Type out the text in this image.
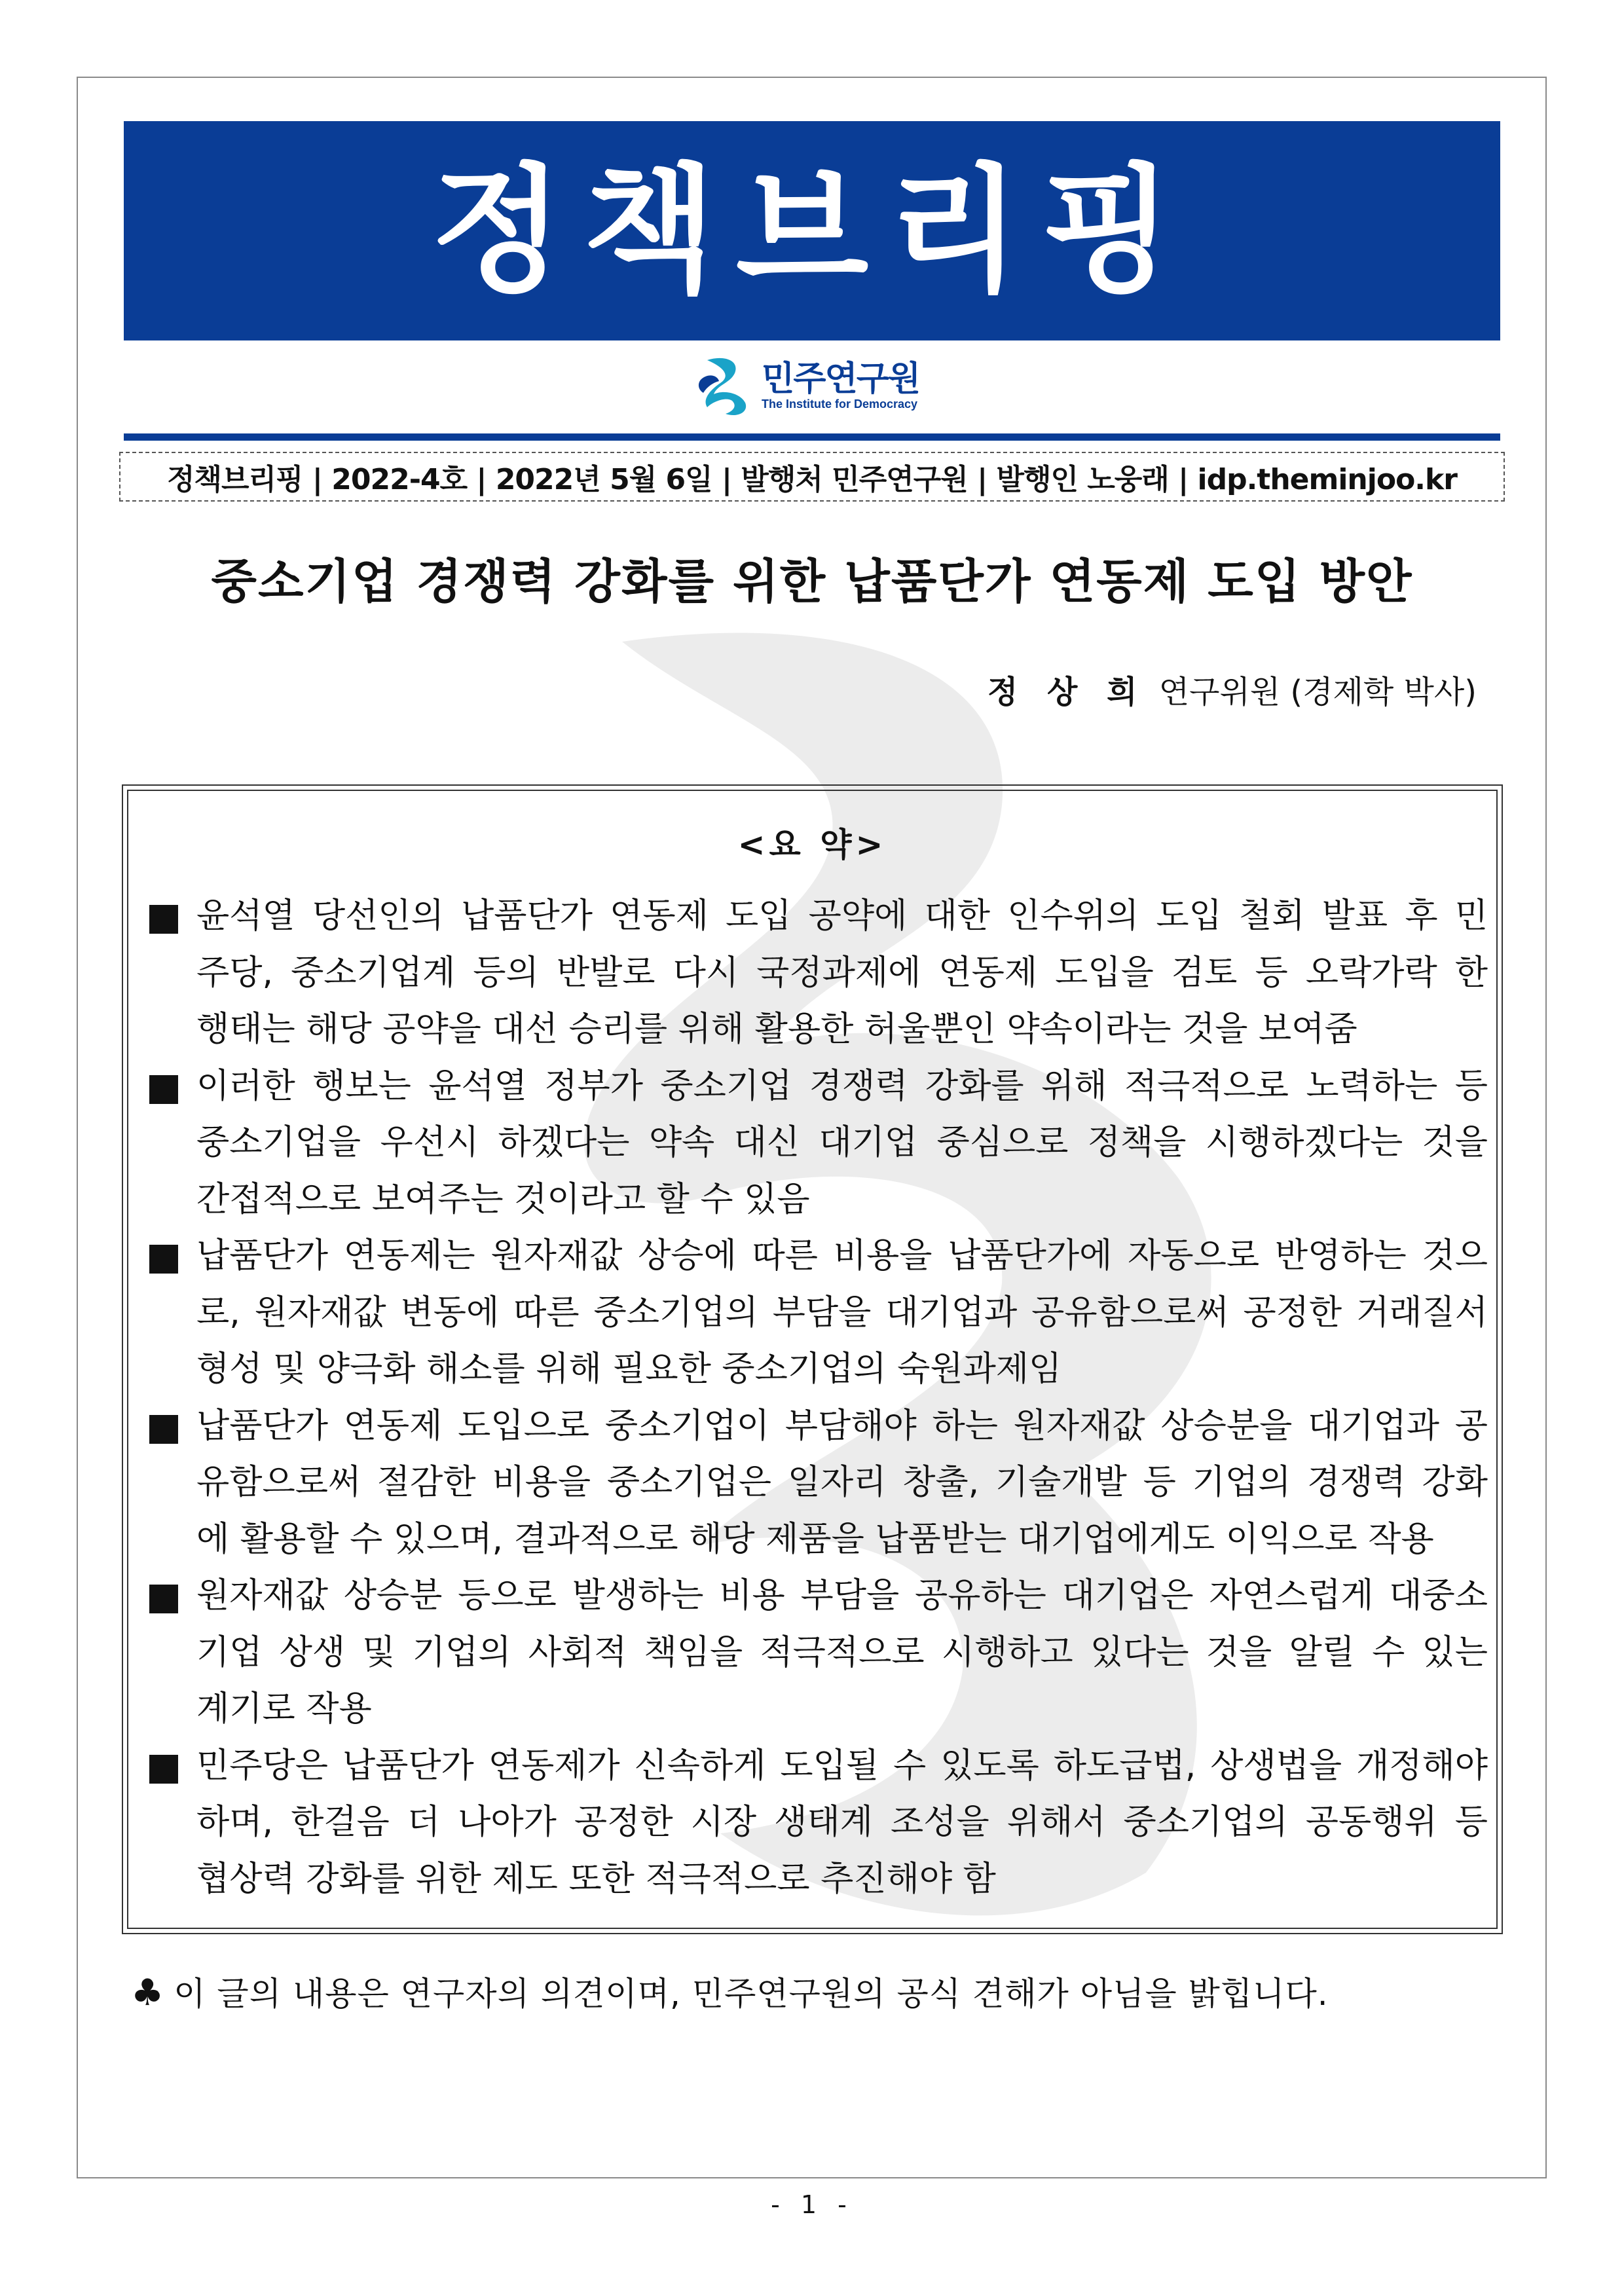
정책브리핑
민주연구원
The Institute for Democracy
정책브리핑 | 2022-4호 | 2022년 5월 6일 | 발행처 민주연구원 | 발행인 노웅래 | idp.theminjoo.kr
중소기업 경쟁력 강화를 위한 납품단가 연동제 도입 방안
정 상 희 연구위원 (경제학 박사)
<요 약>
윤석열 당선인의 납품단가 연동제 도입 공약에 대한 인수위의 도입 철회 발표 후 민
주당, 중소기업계 등의 반발로 다시 국정과제에 연동제 도입을 검토 등 오락가락 한
행태는 해당 공약을 대선 승리를 위해 활용한 허울뿐인 약속이라는 것을 보여줌
이러한 행보는 윤석열 정부가 중소기업 경쟁력 강화를 위해 적극적으로 노력하는 등
중소기업을 우선시 하겠다는 약속 대신 대기업 중심으로 정책을 시행하겠다는 것을
간접적으로 보여주는 것이라고 할 수 있음
납품단가 연동제는 원자재값 상승에 따른 비용을 납품단가에 자동으로 반영하는 것으
로, 원자재값 변동에 따른 중소기업의 부담을 대기업과 공유함으로써 공정한 거래질서
형성 및 양극화 해소를 위해 필요한 중소기업의 숙원과제임
납품단가 연동제 도입으로 중소기업이 부담해야 하는 원자재값 상승분을 대기업과 공
유함으로써 절감한 비용을 중소기업은 일자리 창출, 기술개발 등 기업의 경쟁력 강화
에 활용할 수 있으며, 결과적으로 해당 제품을 납품받는 대기업에게도 이익으로 작용
원자재값 상승분 등으로 발생하는 비용 부담을 공유하는 대기업은 자연스럽게 대중소
기업 상생 및 기업의 사회적 책임을 적극적으로 시행하고 있다는 것을 알릴 수 있는
계기로 작용
민주당은 납품단가 연동제가 신속하게 도입될 수 있도록 하도급법, 상생법을 개정해야
하며, 한걸음 더 나아가 공정한 시장 생태계 조성을 위해서 중소기업의 공동행위 등
협상력 강화를 위한 제도 또한 적극적으로 추진해야 함
♣ 이 글의 내용은 연구자의 의견이며, 민주연구원의 공식 견해가 아님을 밝힙니다.
- 1 -
